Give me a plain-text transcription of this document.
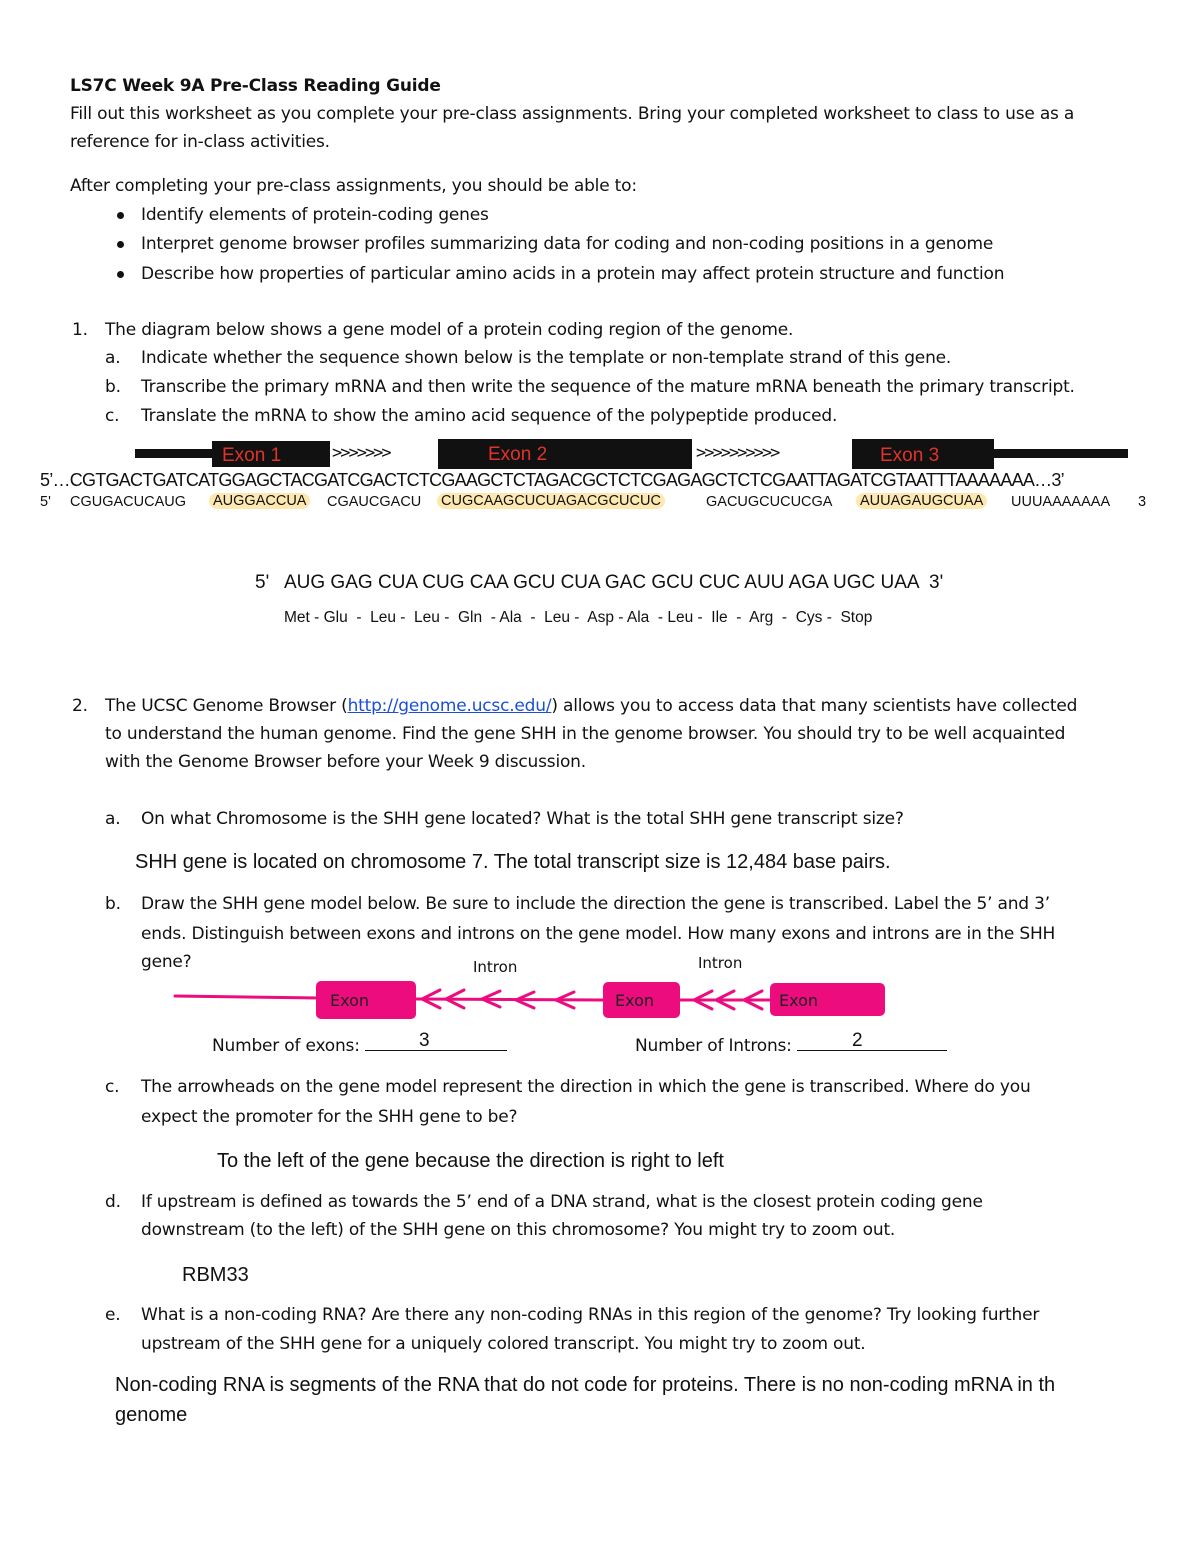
LS7C Week 9A Pre-Class Reading Guide
Fill out this worksheet as you complete your pre-class assignments. Bring your completed worksheet to class to use as a
reference for in-class activities.
After completing your pre-class assignments, you should be able to:
Identify elements of protein-coding genes
Interpret genome browser profiles summarizing data for coding and non-coding positions in a genome
Describe how properties of particular amino acids in a protein may affect protein structure and function
1. The diagram below shows a gene model of a protein coding region of the genome.
a. Indicate whether the sequence shown below is the template or non-template strand of this gene.
b. Transcribe the primary mRNA and then write the sequence of the mature mRNA beneath the primary transcript.
c. Translate the mRNA to show the amino acid sequence of the polypeptide produced.
Exon 1	>>>>>>>	Exon 2	>>>>>>>>>>	Exon 3
5’…CGTGACTGATCATGGAGCTACGATCGACTCTCGAAGCTCTAGACGCTCTCGAGAGCTCTCGAATTAGATCGTAATTTAAAAAAA…3’
5' CGUGACUCAUG AUGGACCUA CGAUCGACU CUGCAAGCUCUAGACGCUCUC	GACUGCUCUCGA AUUAGAUGCUAA UUUAAAAAAA 3
5'   AUG GAG CUA CUG CAA GCU CUA GAC GCU CUC AUU AGA UGC UAA  3'
Met - Glu  -  Leu -  Leu -  Gln  - Ala  -  Leu -  Asp - Ala  - Leu -  Ile  -  Arg  -  Cys -  Stop
2. The UCSC Genome Browser (http://genome.ucsc.edu/) allows you to access data that many scientists have collected
to understand the human genome. Find the gene SHH in the genome browser. You should try to be well acquainted
with the Genome Browser before your Week 9 discussion.
a. On what Chromosome is the SHH gene located? What is the total SHH gene transcript size?
SHH gene is located on chromosome 7. The total transcript size is 12,484 base pairs.
b. Draw the SHH gene model below. Be sure to include the direction the gene is transcribed. Label the 5’ and 3’
ends. Distinguish between exons and introns on the gene model. How many exons and introns are in the SHH
gene?
Exon	Exon	Exon
Intron	Intron
Number of exons:	3	Number of Introns:	2
c. The arrowheads on the gene model represent the direction in which the gene is transcribed. Where do you
expect the promoter for the SHH gene to be?
To the left of the gene because the direction is right to left
d. If upstream is defined as towards the 5’ end of a DNA strand, what is the closest protein coding gene
downstream (to the left) of the SHH gene on this chromosome? You might try to zoom out.
RBM33
e. What is a non-coding RNA? Are there any non-coding RNAs in this region of the genome? Try looking further
upstream of the SHH gene for a uniquely colored transcript. You might try to zoom out.
Non-coding RNA is segments of the RNA that do not code for proteins. There is no non-coding mRNA in th
genome
